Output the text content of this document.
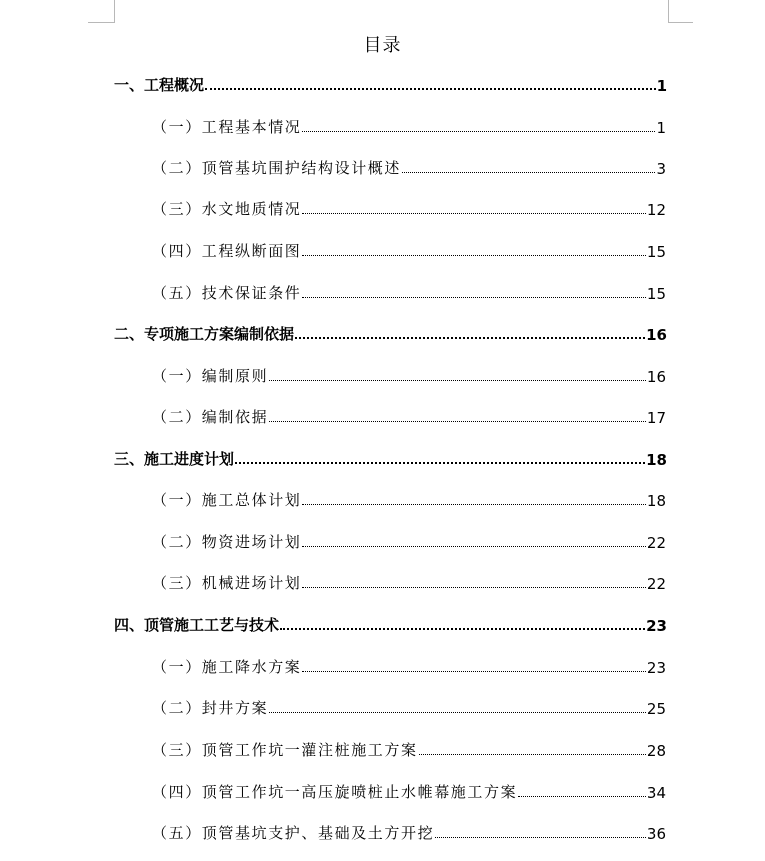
目录
一、工程概况	1
（一）工程基本情况	1
（二）顶管基坑围护结构设计概述	3
（三）水文地质情况	12
（四）工程纵断面图	15
（五）技术保证条件	15
二、专项施工方案编制依据	16
（一）编制原则	16
（二）编制依据	17
三、施工进度计划	18
（一）施工总体计划	18
（二）物资进场计划	22
（三）机械进场计划	22
四、顶管施工工艺与技术	23
（一）施工降水方案	23
（二）封井方案	25
（三）顶管工作坑一灌注桩施工方案	28
（四）顶管工作坑一高压旋喷桩止水帷幕施工方案	34
（五）顶管基坑支护、基础及土方开挖	36
